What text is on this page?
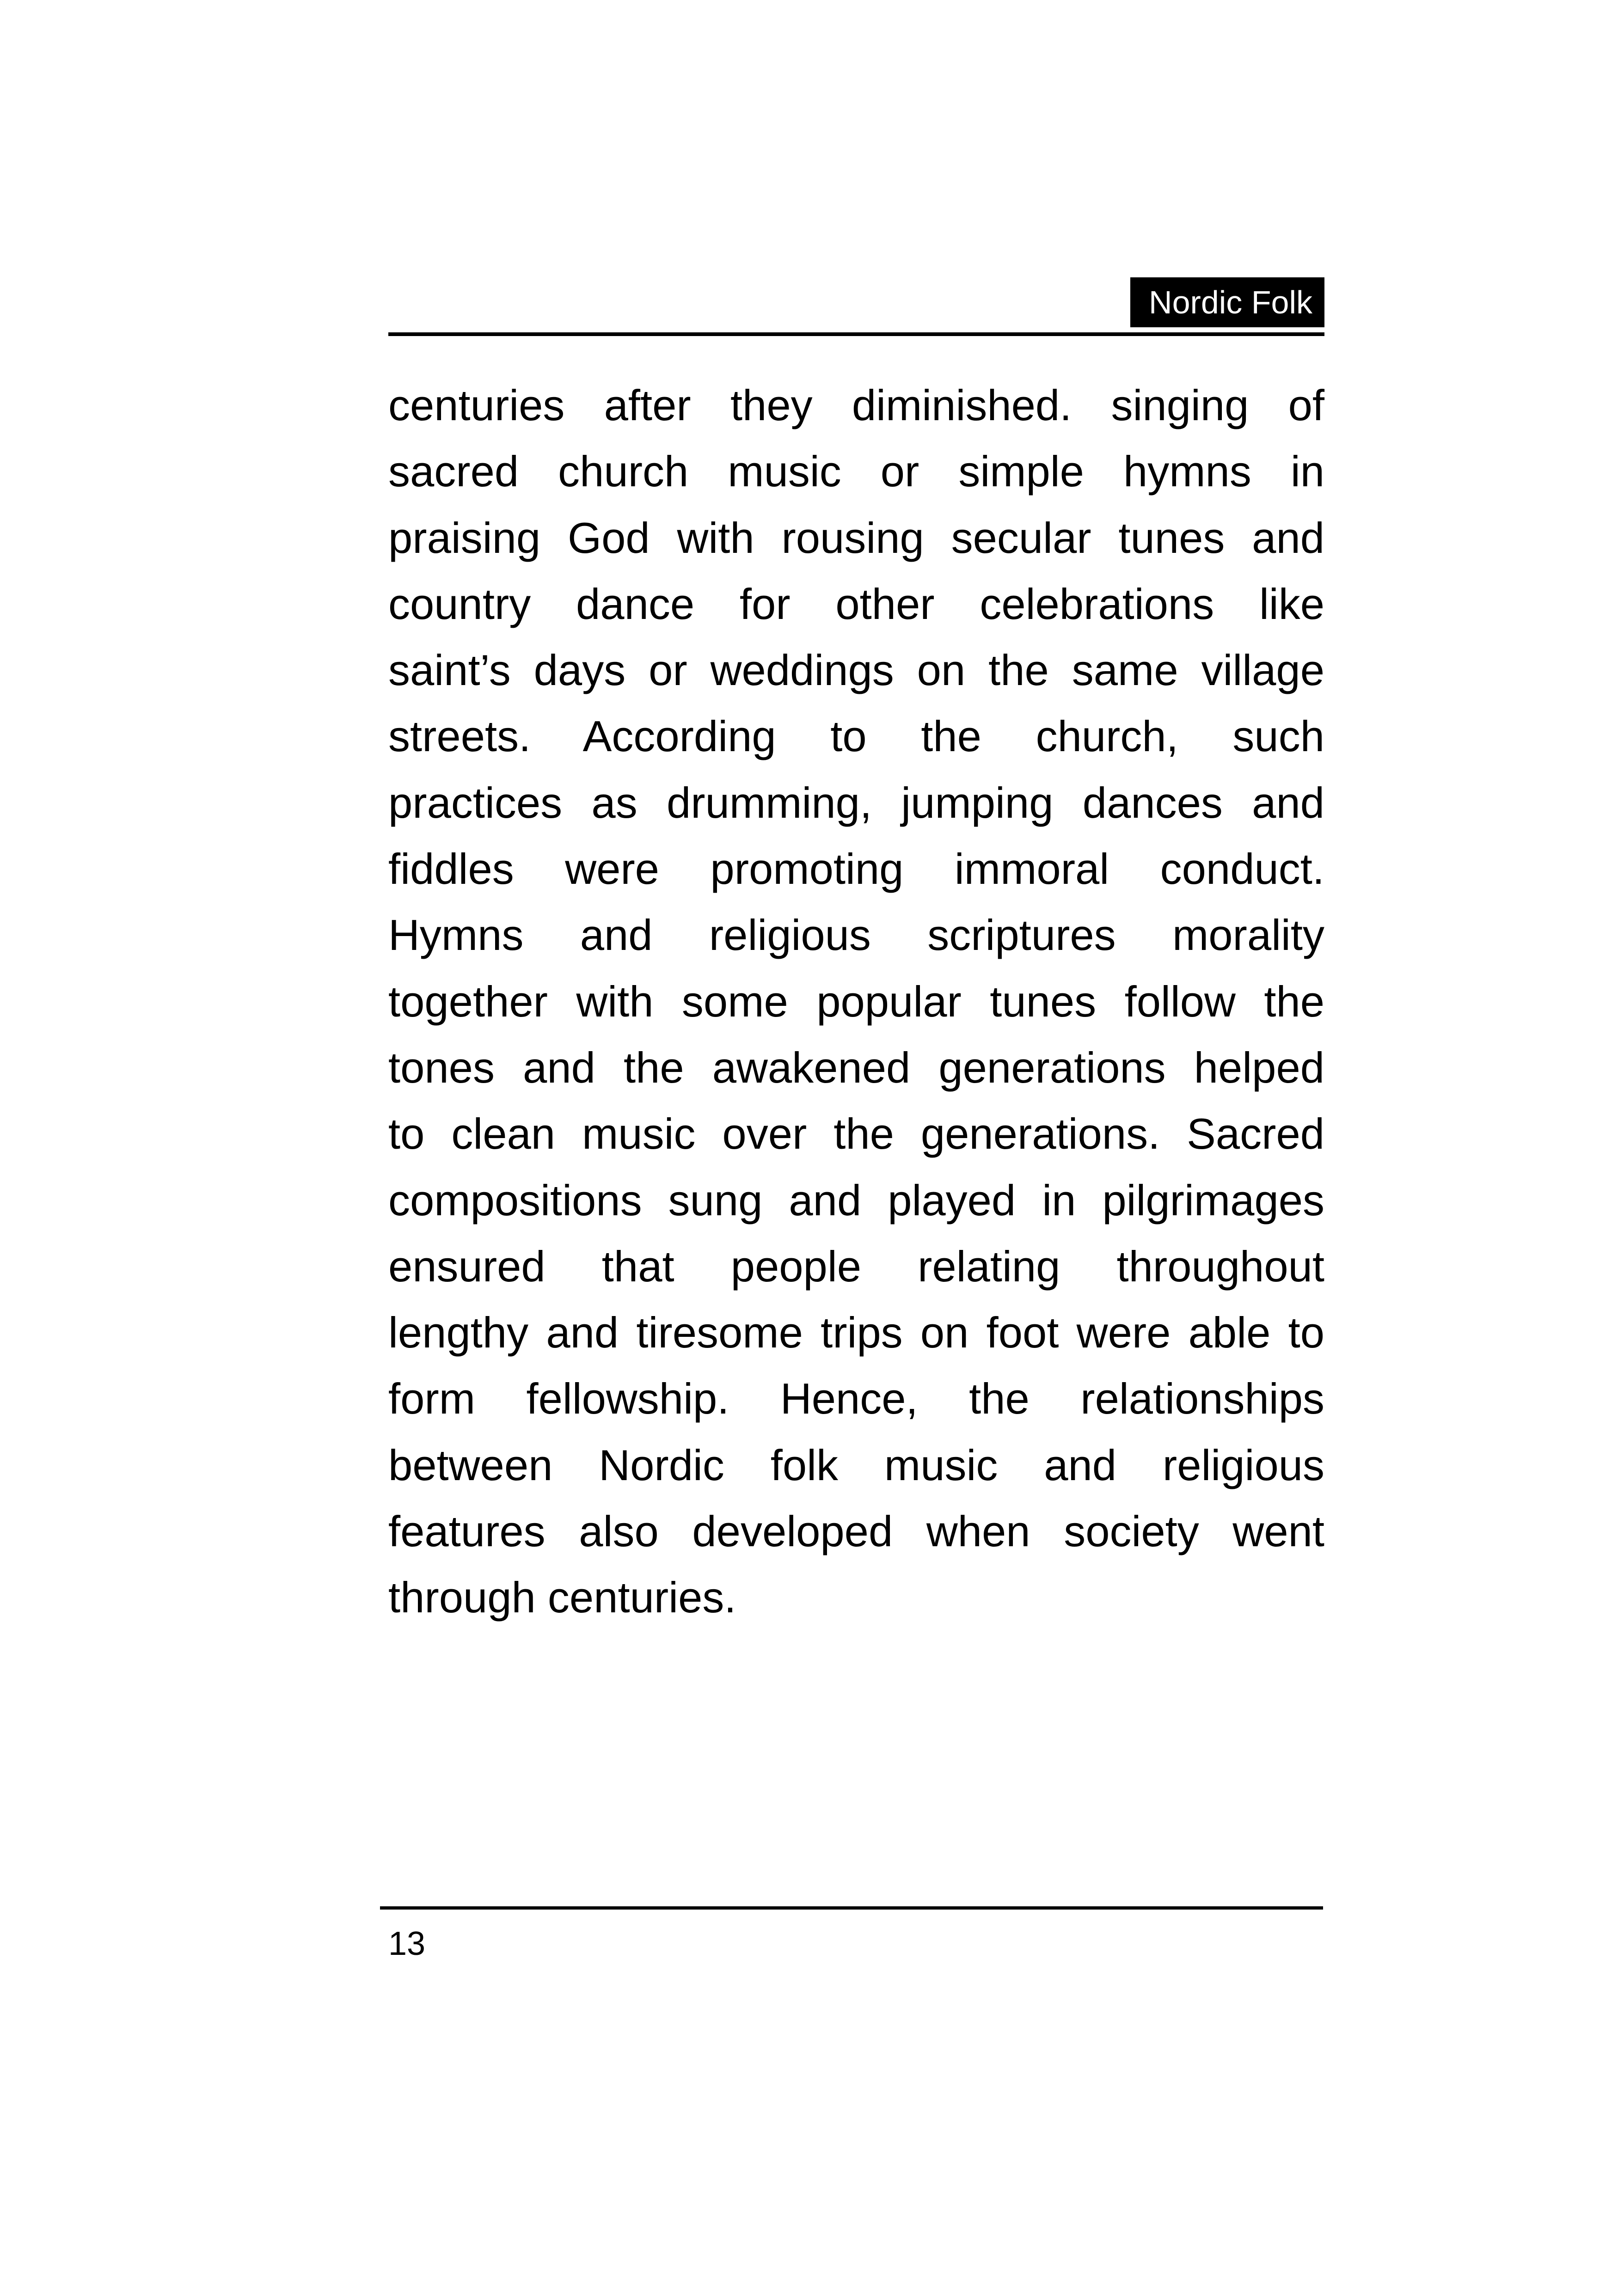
Nordic Folk
centuries after they diminished. singing of
sacred church music or simple hymns in
praising God with rousing secular tunes and
country dance for other celebrations like
saint’s days or weddings on the same village
streets. According to the church, such
practices as drumming, jumping dances and
fiddles were promoting immoral conduct.
Hymns and religious scriptures morality
together with some popular tunes follow the
tones and the awakened generations helped
to clean music over the generations. Sacred
compositions sung and played in pilgrimages
ensured that people relating throughout
lengthy and tiresome trips on foot were able to
form fellowship. Hence, the relationships
between Nordic folk music and religious
features also developed when society went
through centuries.
13
